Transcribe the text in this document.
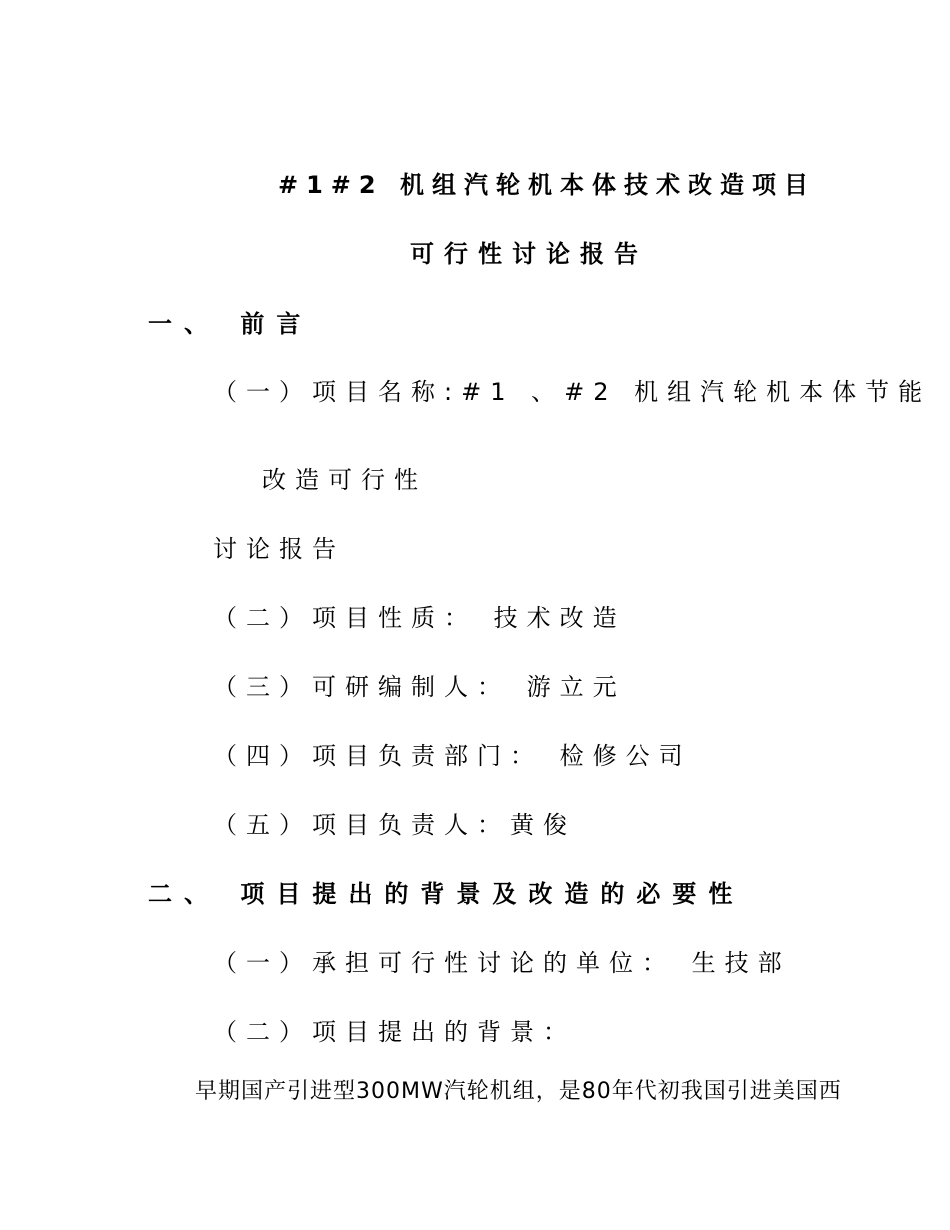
#1#2 机组汽轮机本体技术改造项目
可行性讨论报告
一、 前言
（一）项目名称:#1 、#2 机组汽轮机本体节能
改造可行性
讨论报告
（二）项目性质： 技术改造
（三）可研编制人： 游立元
（四）项目负责部门： 检修公司
（五）项目负责人：黄俊
二、 项目提出的背景及改造的必要性
（一）承担可行性讨论的单位： 生技部
（二）项目提出的背景：
早期国产引进型300MW汽轮机组，是80年代初我国引进美国西
